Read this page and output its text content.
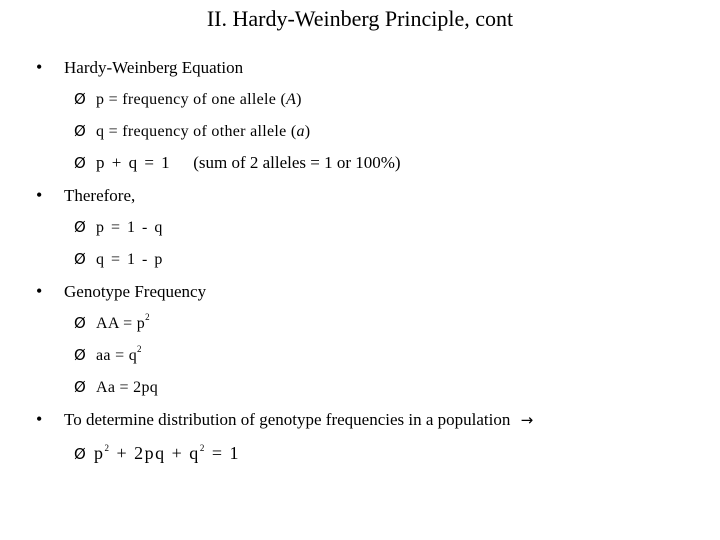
II. Hardy-Weinberg Principle, cont
• Hardy-Weinberg Equation
Ø p = frequency of one allele (A)
Ø q = frequency of other allele (a)
Ø p + q = 1 (sum of 2 alleles = 1 or 100%)
• Therefore,
Ø p = 1 - q
Ø q = 1 - p
• Genotype Frequency
Ø AA = $p^2$
Ø aa = $q^2$
Ø Aa = 2pq
• To determine distribution of genotype frequencies in a population →
Ø $p^2 + 2pq + q^2 = 1$
